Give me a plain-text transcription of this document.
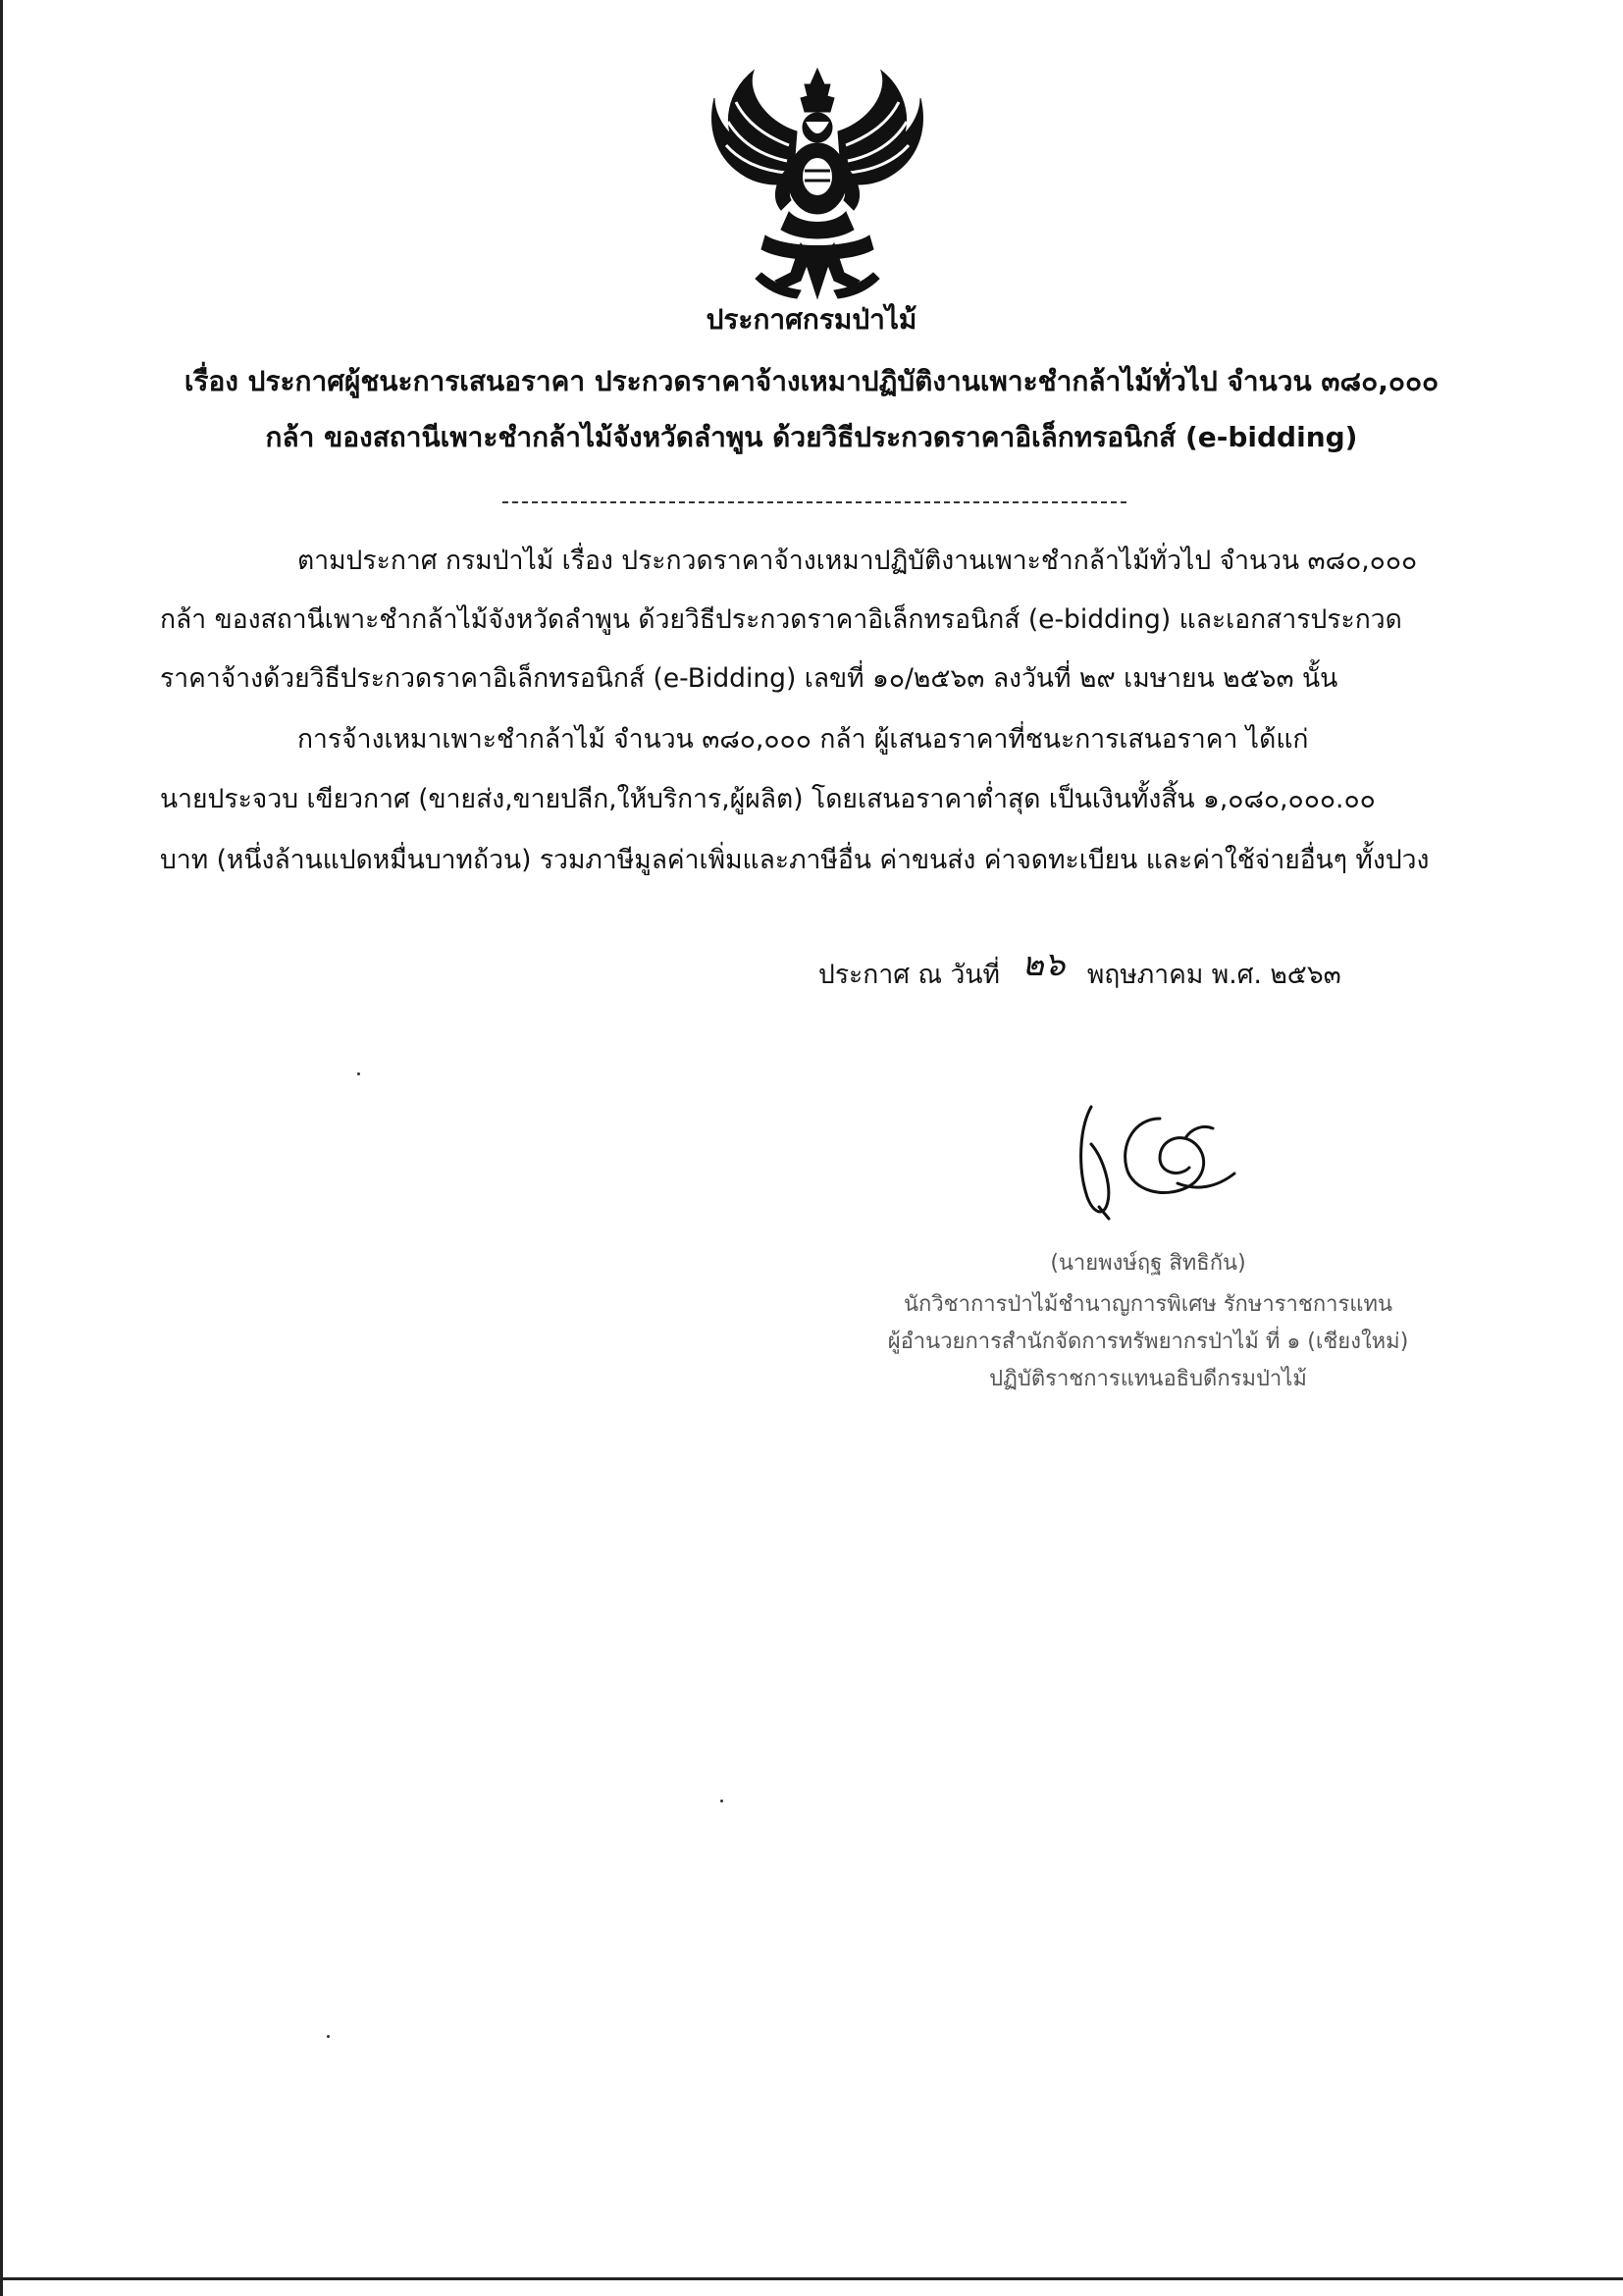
ประกาศกรมป่าไม้
เรื่อง ประกาศผู้ชนะการเสนอราคา ประกวดราคาจ้างเหมาปฏิบัติงานเพาะชำกล้าไม้ทั่วไป จำนวน ๓๘๐,๐๐๐
กล้า ของสถานีเพาะชำกล้าไม้จังหวัดลำพูน ด้วยวิธีประกวดราคาอิเล็กทรอนิกส์ (e-bidding)
ตามประกาศ กรมป่าไม้ เรื่อง ประกวดราคาจ้างเหมาปฏิบัติงานเพาะชำกล้าไม้ทั่วไป จำนวน ๓๘๐,๐๐๐
กล้า ของสถานีเพาะชำกล้าไม้จังหวัดลำพูน ด้วยวิธีประกวดราคาอิเล็กทรอนิกส์ (e-bidding) และเอกสารประกวด
ราคาจ้างด้วยวิธีประกวดราคาอิเล็กทรอนิกส์ (e-Bidding) เลขที่ ๑๐/๒๕๖๓ ลงวันที่ ๒๙ เมษายน ๒๕๖๓ นั้น
การจ้างเหมาเพาะชำกล้าไม้ จำนวน ๓๘๐,๐๐๐ กล้า ผู้เสนอราคาที่ชนะการเสนอราคา ได้แก่
นายประจวบ เขียวกาศ (ขายส่ง,ขายปลีก,ให้บริการ,ผู้ผลิต) โดยเสนอราคาต่ำสุด เป็นเงินทั้งสิ้น ๑,๐๘๐,๐๐๐.๐๐
บาท (หนึ่งล้านแปดหมื่นบาทถ้วน) รวมภาษีมูลค่าเพิ่มและภาษีอื่น ค่าขนส่ง ค่าจดทะเบียน และค่าใช้จ่ายอื่นๆ ทั้งปวง
ประกาศ ณ วันที่ ๒๖ พฤษภาคม พ.ศ. ๒๕๖๓
(นายพงษ์ฤฐ สิทธิกัน)
นักวิชาการป่าไม้ชำนาญการพิเศษ รักษาราชการแทน
ผู้อำนวยการสำนักจัดการทรัพยากรป่าไม้ ที่ ๑ (เชียงใหม่)
ปฏิบัติราชการแทนอธิบดีกรมป่าไม้
